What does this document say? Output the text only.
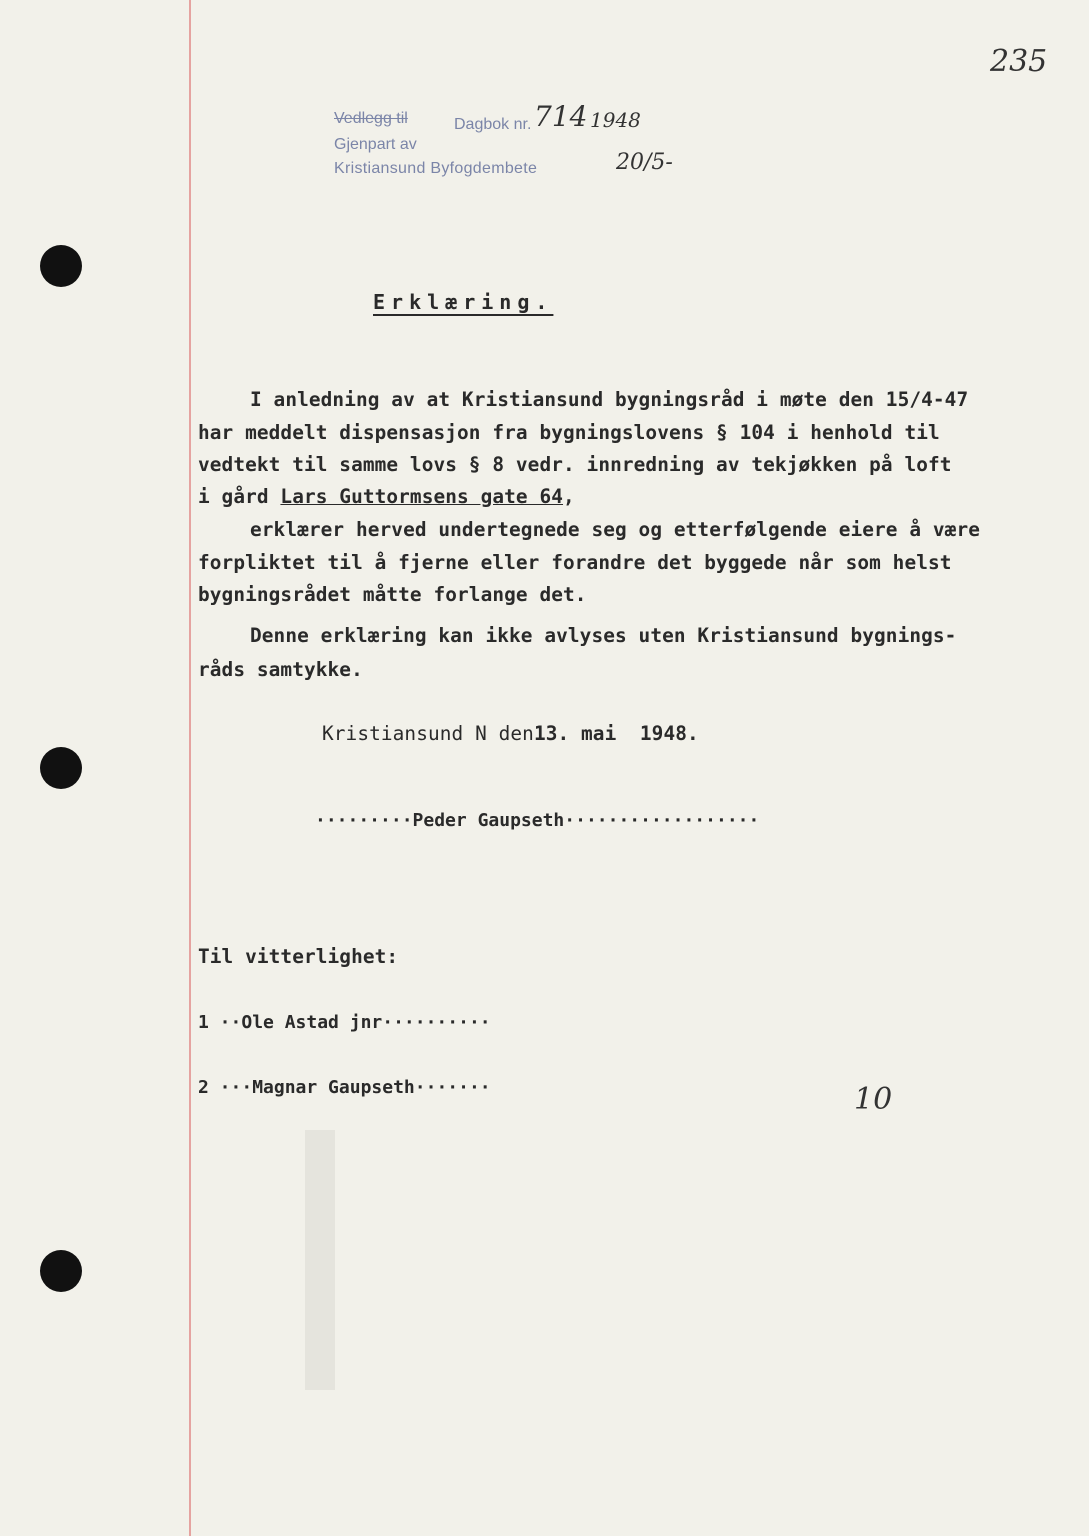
235
Vedlegg til	Dagbok nr. 714 1948
Gjenpart av
Kristiansund Byfogdembete	20/5-
Erklæring.
I anledning av at Kristiansund bygningsråd i møte den 15/4-47
har meddelt dispensasjon fra bygningslovens § 104 i henhold til
vedtekt til samme lovs § 8 vedr. innredning av tekjøkken på loft
i gård Lars Guttormsens gate 64,
erklærer herved undertegnede seg og etterfølgende eiere å være
forpliktet til å fjerne eller forandre det byggede når som helst
bygningsrådet måtte forlange det.
Denne erklæring kan ikke avlyses uten Kristiansund bygnings-
råds samtykke.
Kristiansund N den13. mai  1948.
·········Peder Gaupseth··················
Til vitterlighet:
1 ··Ole Astad jnr··········
2 ···Magnar Gaupseth·······	10
